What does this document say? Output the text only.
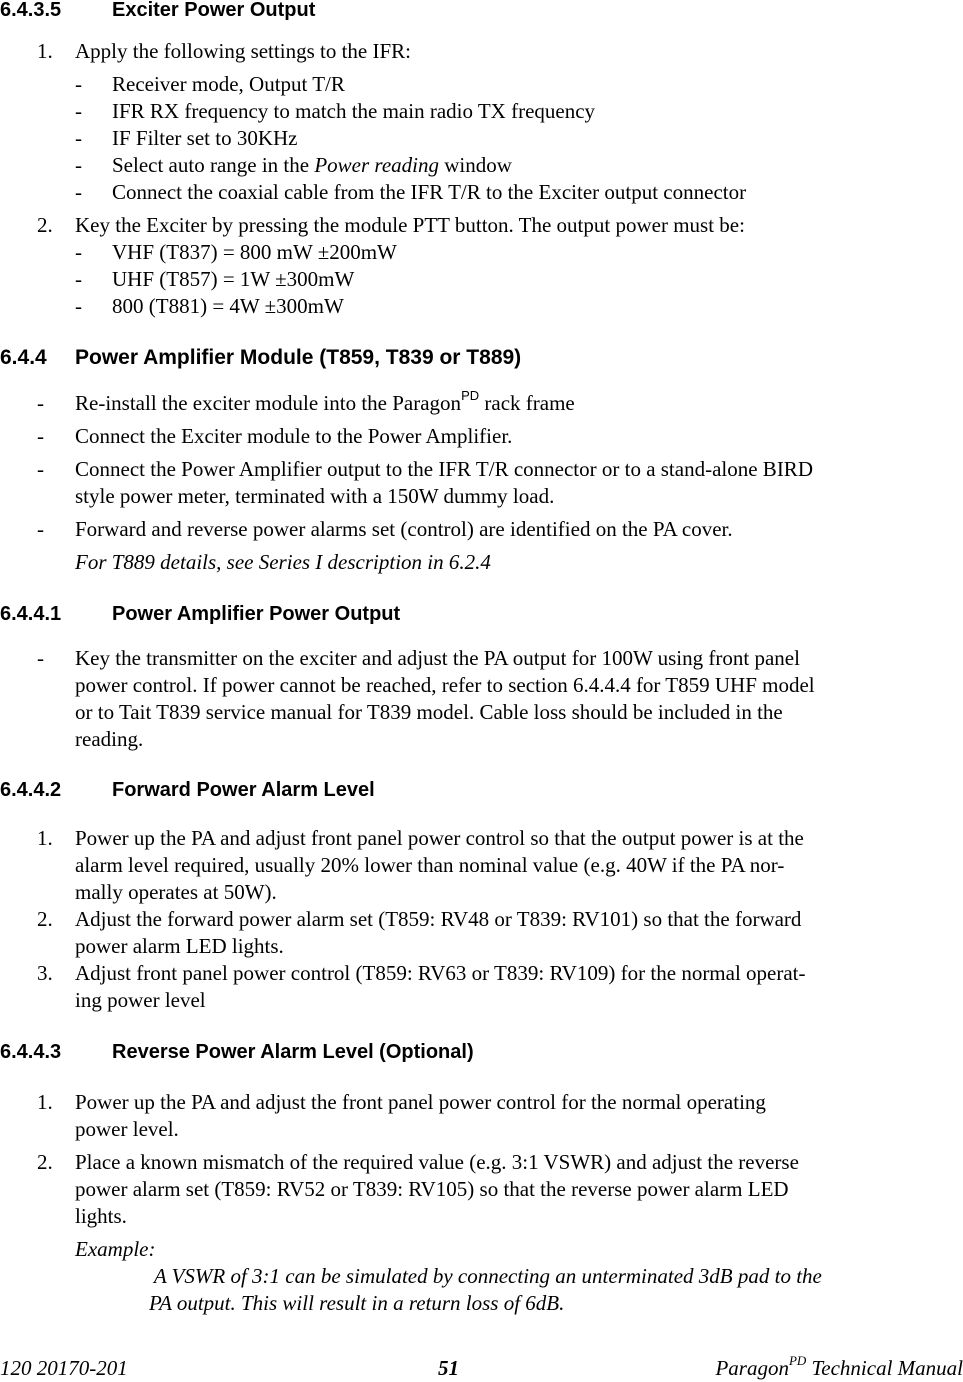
6.4.3.5	Exciter Power Output
1. Apply the following settings to the IFR:
- Receiver mode, Output T/R
- IFR RX frequency to match the main radio TX frequency
- IF Filter set to 30KHz
- Select auto range in the Power reading window
- Connect the coaxial cable from the IFR T/R to the Exciter output connector
2. Key the Exciter by pressing the module PTT button. The output power must be:
- VHF (T837) = 800 mW ±200mW
- UHF (T857) = 1W ±300mW
- 800 (T881) = 4W ±300mW
6.4.4 Power Amplifier Module (T859, T839 or T889)
- Re-install the exciter module into the Paragon$^{PD}$ rack frame
- Connect the Exciter module to the Power Amplifier.
- Connect the Power Amplifier output to the IFR T/R connector or to a stand-alone BIRD
style power meter, terminated with a 150W dummy load.
- Forward and reverse power alarms set (control) are identified on the PA cover.
For T889 details, see Series I description in 6.2.4
6.4.4.1	Power Amplifier Power Output
- Key the transmitter on the exciter and adjust the PA output for 100W using front panel
power control. If power cannot be reached, refer to section 6.4.4.4 for T859 UHF model
or to Tait T839 service manual for T839 model. Cable loss should be included in the
reading.
6.4.4.2	Forward Power Alarm Level
1. Power up the PA and adjust front panel power control so that the output power is at the
alarm level required, usually 20% lower than nominal value (e.g. 40W if the PA nor-
mally operates at 50W).
2. Adjust the forward power alarm set (T859: RV48 or T839: RV101) so that the forward
power alarm LED lights.
3. Adjust front panel power control (T859: RV63 or T839: RV109) for the normal operat-
ing power level
6.4.4.3	Reverse Power Alarm Level (Optional)
1. Power up the PA and adjust the front panel power control for the normal operating
power level.
2. Place a known mismatch of the required value (e.g. 3:1 VSWR) and adjust the reverse
power alarm set (T859: RV52 or T839: RV105) so that the reverse power alarm LED
lights.
Example:
A VSWR of 3:1 can be simulated by connecting an unterminated 3dB pad to the
PA output. This will result in a return loss of 6dB.
120 20170-201	51	Paragon$^{PD}$ Technical Manual
